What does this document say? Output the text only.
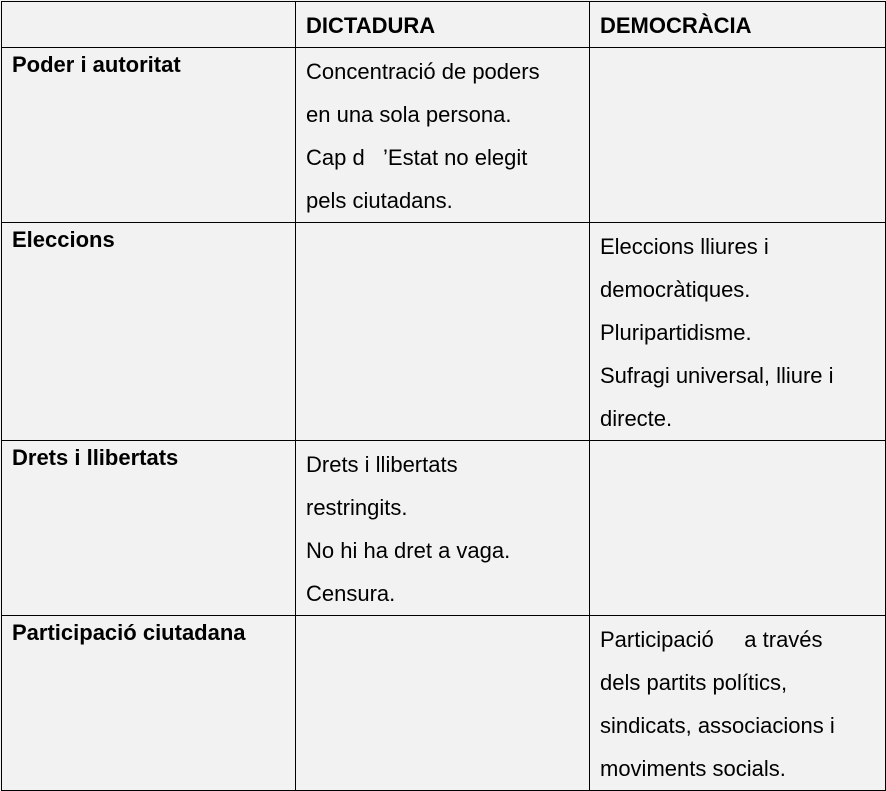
	DICTADURA	DEMOCRÀCIA
Poder i autoritat	Concentració de poders
en una sola persona.
Cap d   ’Estat no elegit
pels ciutadans.	

Eleccions		Eleccions lliures i
democràtiques.
Pluripartidisme.
Sufragi universal, lliure i
directe.

Drets i llibertats	Drets i llibertats
restringits.
No hi ha dret a vaga.
Censura.	

Participació ciutadana		Participació     a través
dels partits polítics,
sindicats, associacions i
moviments socials.
